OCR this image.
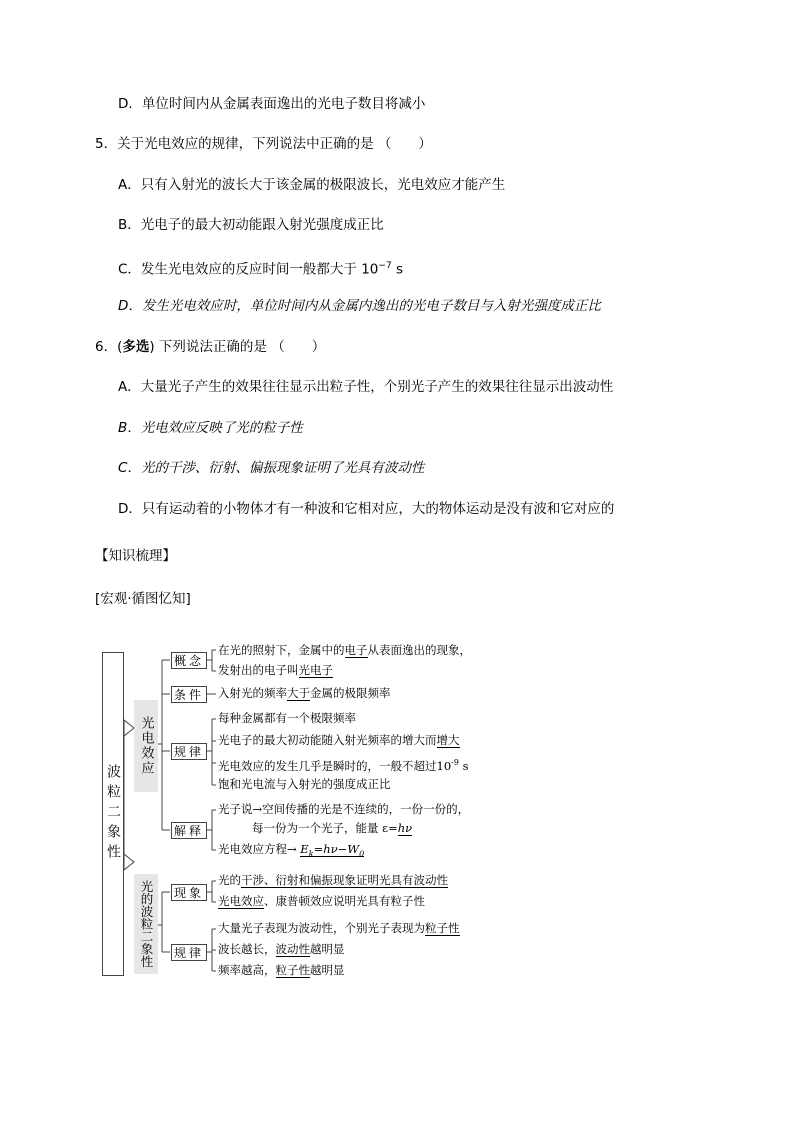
D．单位时间内从金属表面逸出的光电子数目将减小
5．关于光电效应的规律，下列说法中正确的是 （　　）
A．只有入射光的波长大于该金属的极限波长，光电效应才能产生
B．光电子的最大初动能跟入射光强度成正比
C．发生光电效应的反应时间一般都大于 $10^{-7}$ s
D．发生光电效应时，单位时间内从金属内逸出的光电子数目与入射光强度成正比
6．(多选) 下列说法正确的是 （　　）
A．大量光子产生的效果往往显示出粒子性，个别光子产生的效果往往显示出波动性
B．光电效应反映了光的粒子性
C．光的干涉、衍射、偏振现象证明了光具有波动性
D．只有运动着的小物体才有一种波和它相对应，大的物体运动是没有波和它对应的
【知识梳理】
[宏观·循图忆知]
波粒二象性
光电效应
光的波粒二象性
概念
条件
规律
解释
现象
规律
在光的照射下，金属中的电子从表面逸出的现象，
发射出的电子叫光电子
入射光的频率大于金属的极限频率
每种金属都有一个极限频率
光电子的最大初动能随入射光频率的增大而增大
光电效应的发生几乎是瞬时的，一般不超过$10^{-9}$ s
饱和光电流与入射光的强度成正比
光子说→空间传播的光是不连续的，一份一份的，
每一份为一个光子，能量 ε=hν
光电效应方程→ $E_k=h\nu-W_0$
光的干涉、衍射和偏振现象证明光具有波动性
光电效应、康普顿效应说明光具有粒子性
大量光子表现为波动性，个别光子表现为粒子性
波长越长，波动性越明显
频率越高，粒子性越明显
